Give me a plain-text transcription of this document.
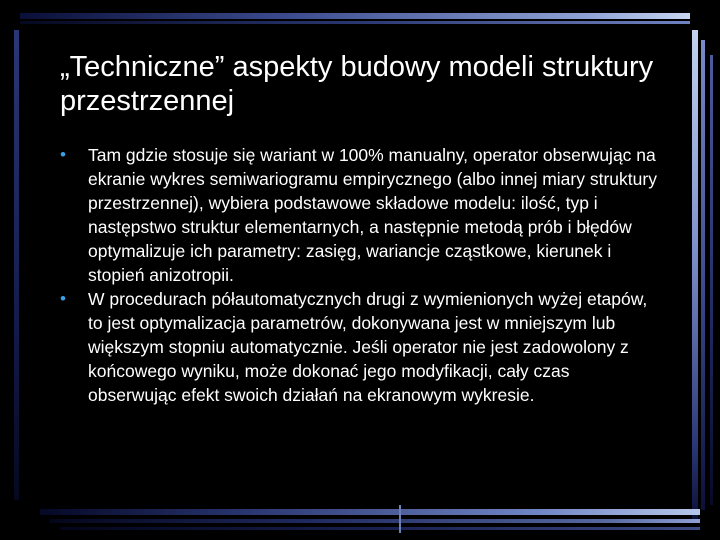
„Techniczne” aspekty budowy modeli struktury przestrzennej
• Tam gdzie stosuje się wariant w 100% manualny, operator obserwując na ekranie wykres semiwariogramu empirycznego (albo innej miary struktury przestrzennej), wybiera podstawowe składowe modelu: ilość, typ i następstwo struktur elementarnych, a następnie metodą prób i błędów optymalizuje ich parametry: zasięg, wariancje cząstkowe, kierunek i stopień anizotropii.
• W procedurach półautomatycznych drugi z wymienionych wyżej etapów, to jest optymalizacja parametrów, dokonywana jest w mniejszym lub większym stopniu automatycznie. Jeśli operator nie jest zadowolony z końcowego wyniku, może dokonać jego modyfikacji, cały czas obserwując efekt swoich działań na ekranowym wykresie.
